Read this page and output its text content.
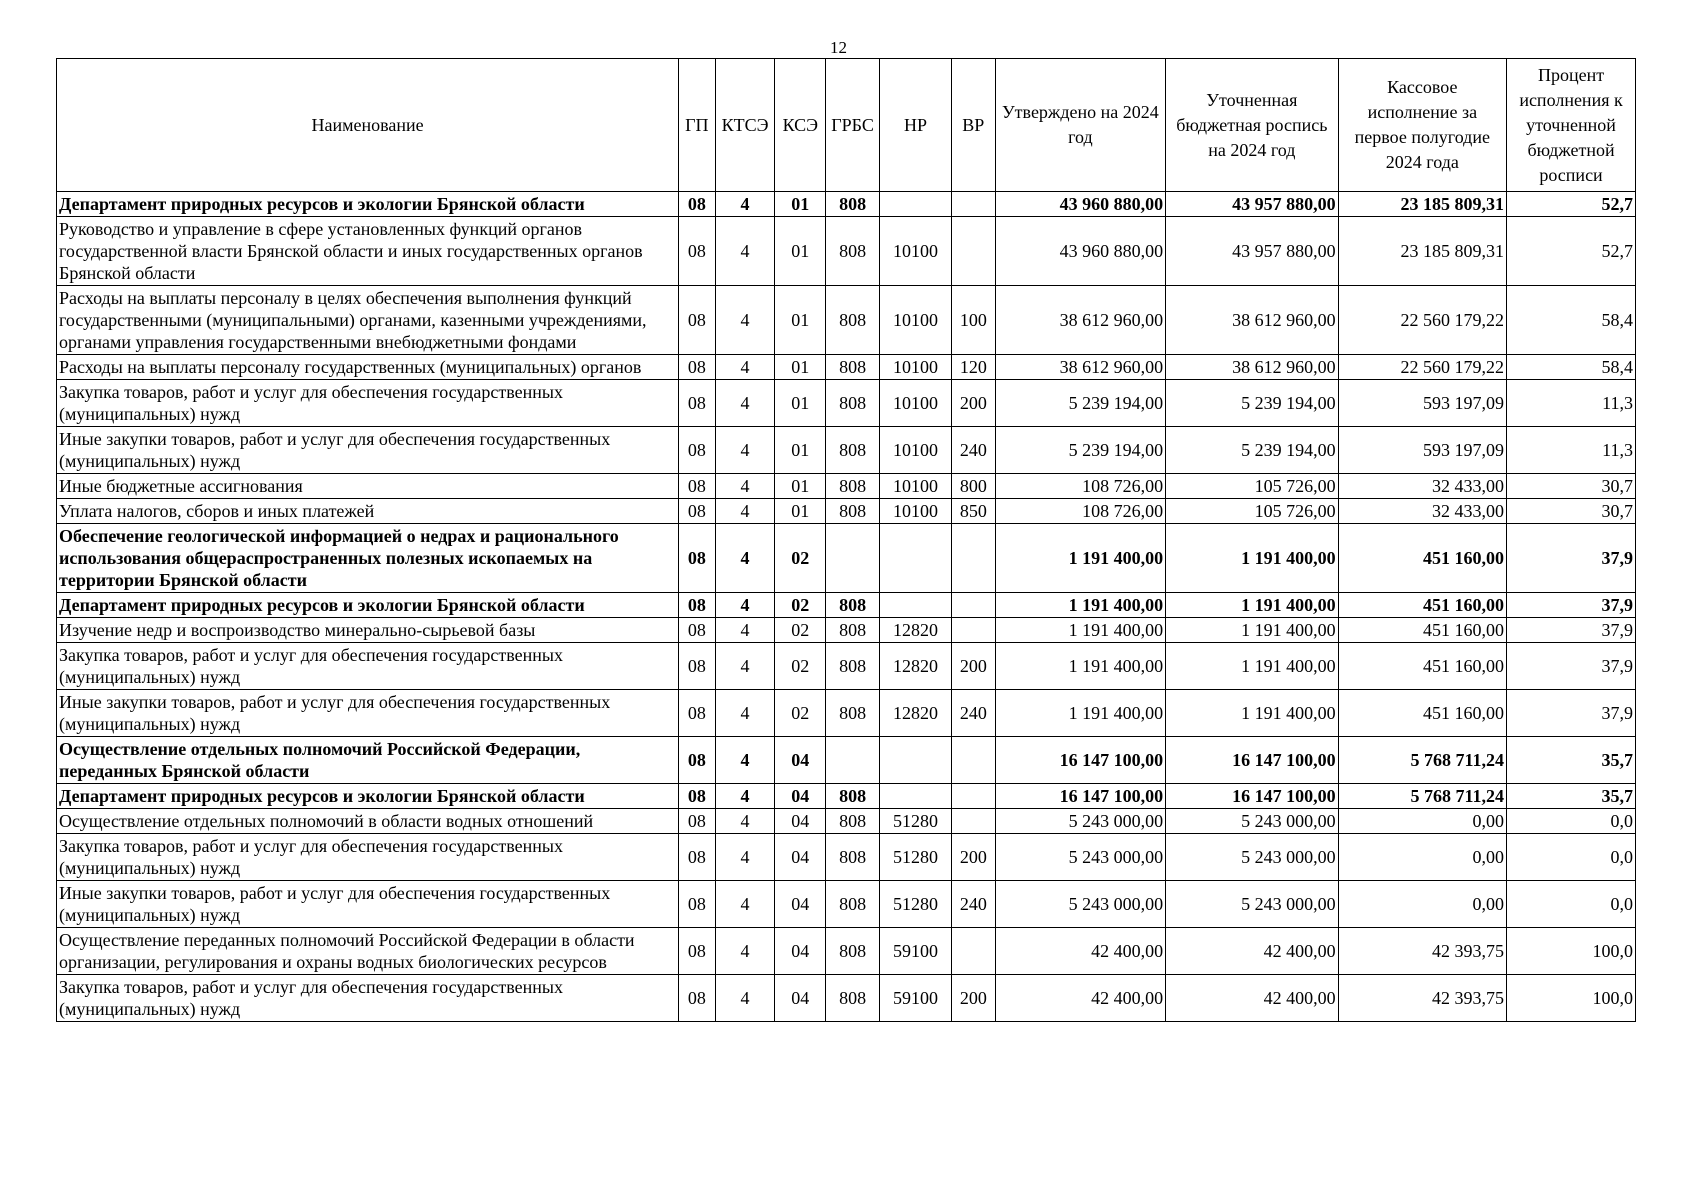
12
Наименование	ГП	КТСЭ	КСЭ	ГРБС	НР	ВР	Утверждено на 2024 год	Уточненная бюджетная роспись на 2024 год	Кассовое исполнение за первое полугодие 2024 года	Процент исполнения к уточненной бюджетной росписи
Департамент природных ресурсов и экологии Брянской области	08	4	01	808			43 960 880,00	43 957 880,00	23 185 809,31	52,7
Руководство и управление в сфере установленных функций органов государственной власти Брянской области и иных государственных органов Брянской области	08	4	01	808	10100		43 960 880,00	43 957 880,00	23 185 809,31	52,7
Расходы на выплаты персоналу в целях обеспечения выполнения функций государственными (муниципальными) органами, казенными учреждениями, органами управления государственными внебюджетными фондами	08	4	01	808	10100	100	38 612 960,00	38 612 960,00	22 560 179,22	58,4
Расходы на выплаты персоналу государственных (муниципальных) органов	08	4	01	808	10100	120	38 612 960,00	38 612 960,00	22 560 179,22	58,4
Закупка товаров, работ и услуг для обеспечения государственных (муниципальных) нужд	08	4	01	808	10100	200	5 239 194,00	5 239 194,00	593 197,09	11,3
Иные закупки товаров, работ и услуг для обеспечения государственных (муниципальных) нужд	08	4	01	808	10100	240	5 239 194,00	5 239 194,00	593 197,09	11,3
Иные бюджетные ассигнования	08	4	01	808	10100	800	108 726,00	105 726,00	32 433,00	30,7
Уплата налогов, сборов и иных платежей	08	4	01	808	10100	850	108 726,00	105 726,00	32 433,00	30,7
Обеспечение геологической информацией о недрах и рационального использования общераспространенных полезных ископаемых на территории Брянской области	08	4	02				1 191 400,00	1 191 400,00	451 160,00	37,9
Департамент природных ресурсов и экологии Брянской области	08	4	02	808			1 191 400,00	1 191 400,00	451 160,00	37,9
Изучение недр и воспроизводство минерально-сырьевой базы	08	4	02	808	12820		1 191 400,00	1 191 400,00	451 160,00	37,9
Закупка товаров, работ и услуг для обеспечения государственных (муниципальных) нужд	08	4	02	808	12820	200	1 191 400,00	1 191 400,00	451 160,00	37,9
Иные закупки товаров, работ и услуг для обеспечения государственных (муниципальных) нужд	08	4	02	808	12820	240	1 191 400,00	1 191 400,00	451 160,00	37,9
Осуществление отдельных полномочий Российской Федерации, переданных Брянской области	08	4	04				16 147 100,00	16 147 100,00	5 768 711,24	35,7
Департамент природных ресурсов и экологии Брянской области	08	4	04	808			16 147 100,00	16 147 100,00	5 768 711,24	35,7
Осуществление отдельных полномочий в области водных отношений	08	4	04	808	51280		5 243 000,00	5 243 000,00	0,00	0,0
Закупка товаров, работ и услуг для обеспечения государственных (муниципальных) нужд	08	4	04	808	51280	200	5 243 000,00	5 243 000,00	0,00	0,0
Иные закупки товаров, работ и услуг для обеспечения государственных (муниципальных) нужд	08	4	04	808	51280	240	5 243 000,00	5 243 000,00	0,00	0,0
Осуществление переданных полномочий Российской Федерации в области организации, регулирования и охраны водных биологических ресурсов	08	4	04	808	59100		42 400,00	42 400,00	42 393,75	100,0
Закупка товаров, работ и услуг для обеспечения государственных (муниципальных) нужд	08	4	04	808	59100	200	42 400,00	42 400,00	42 393,75	100,0
